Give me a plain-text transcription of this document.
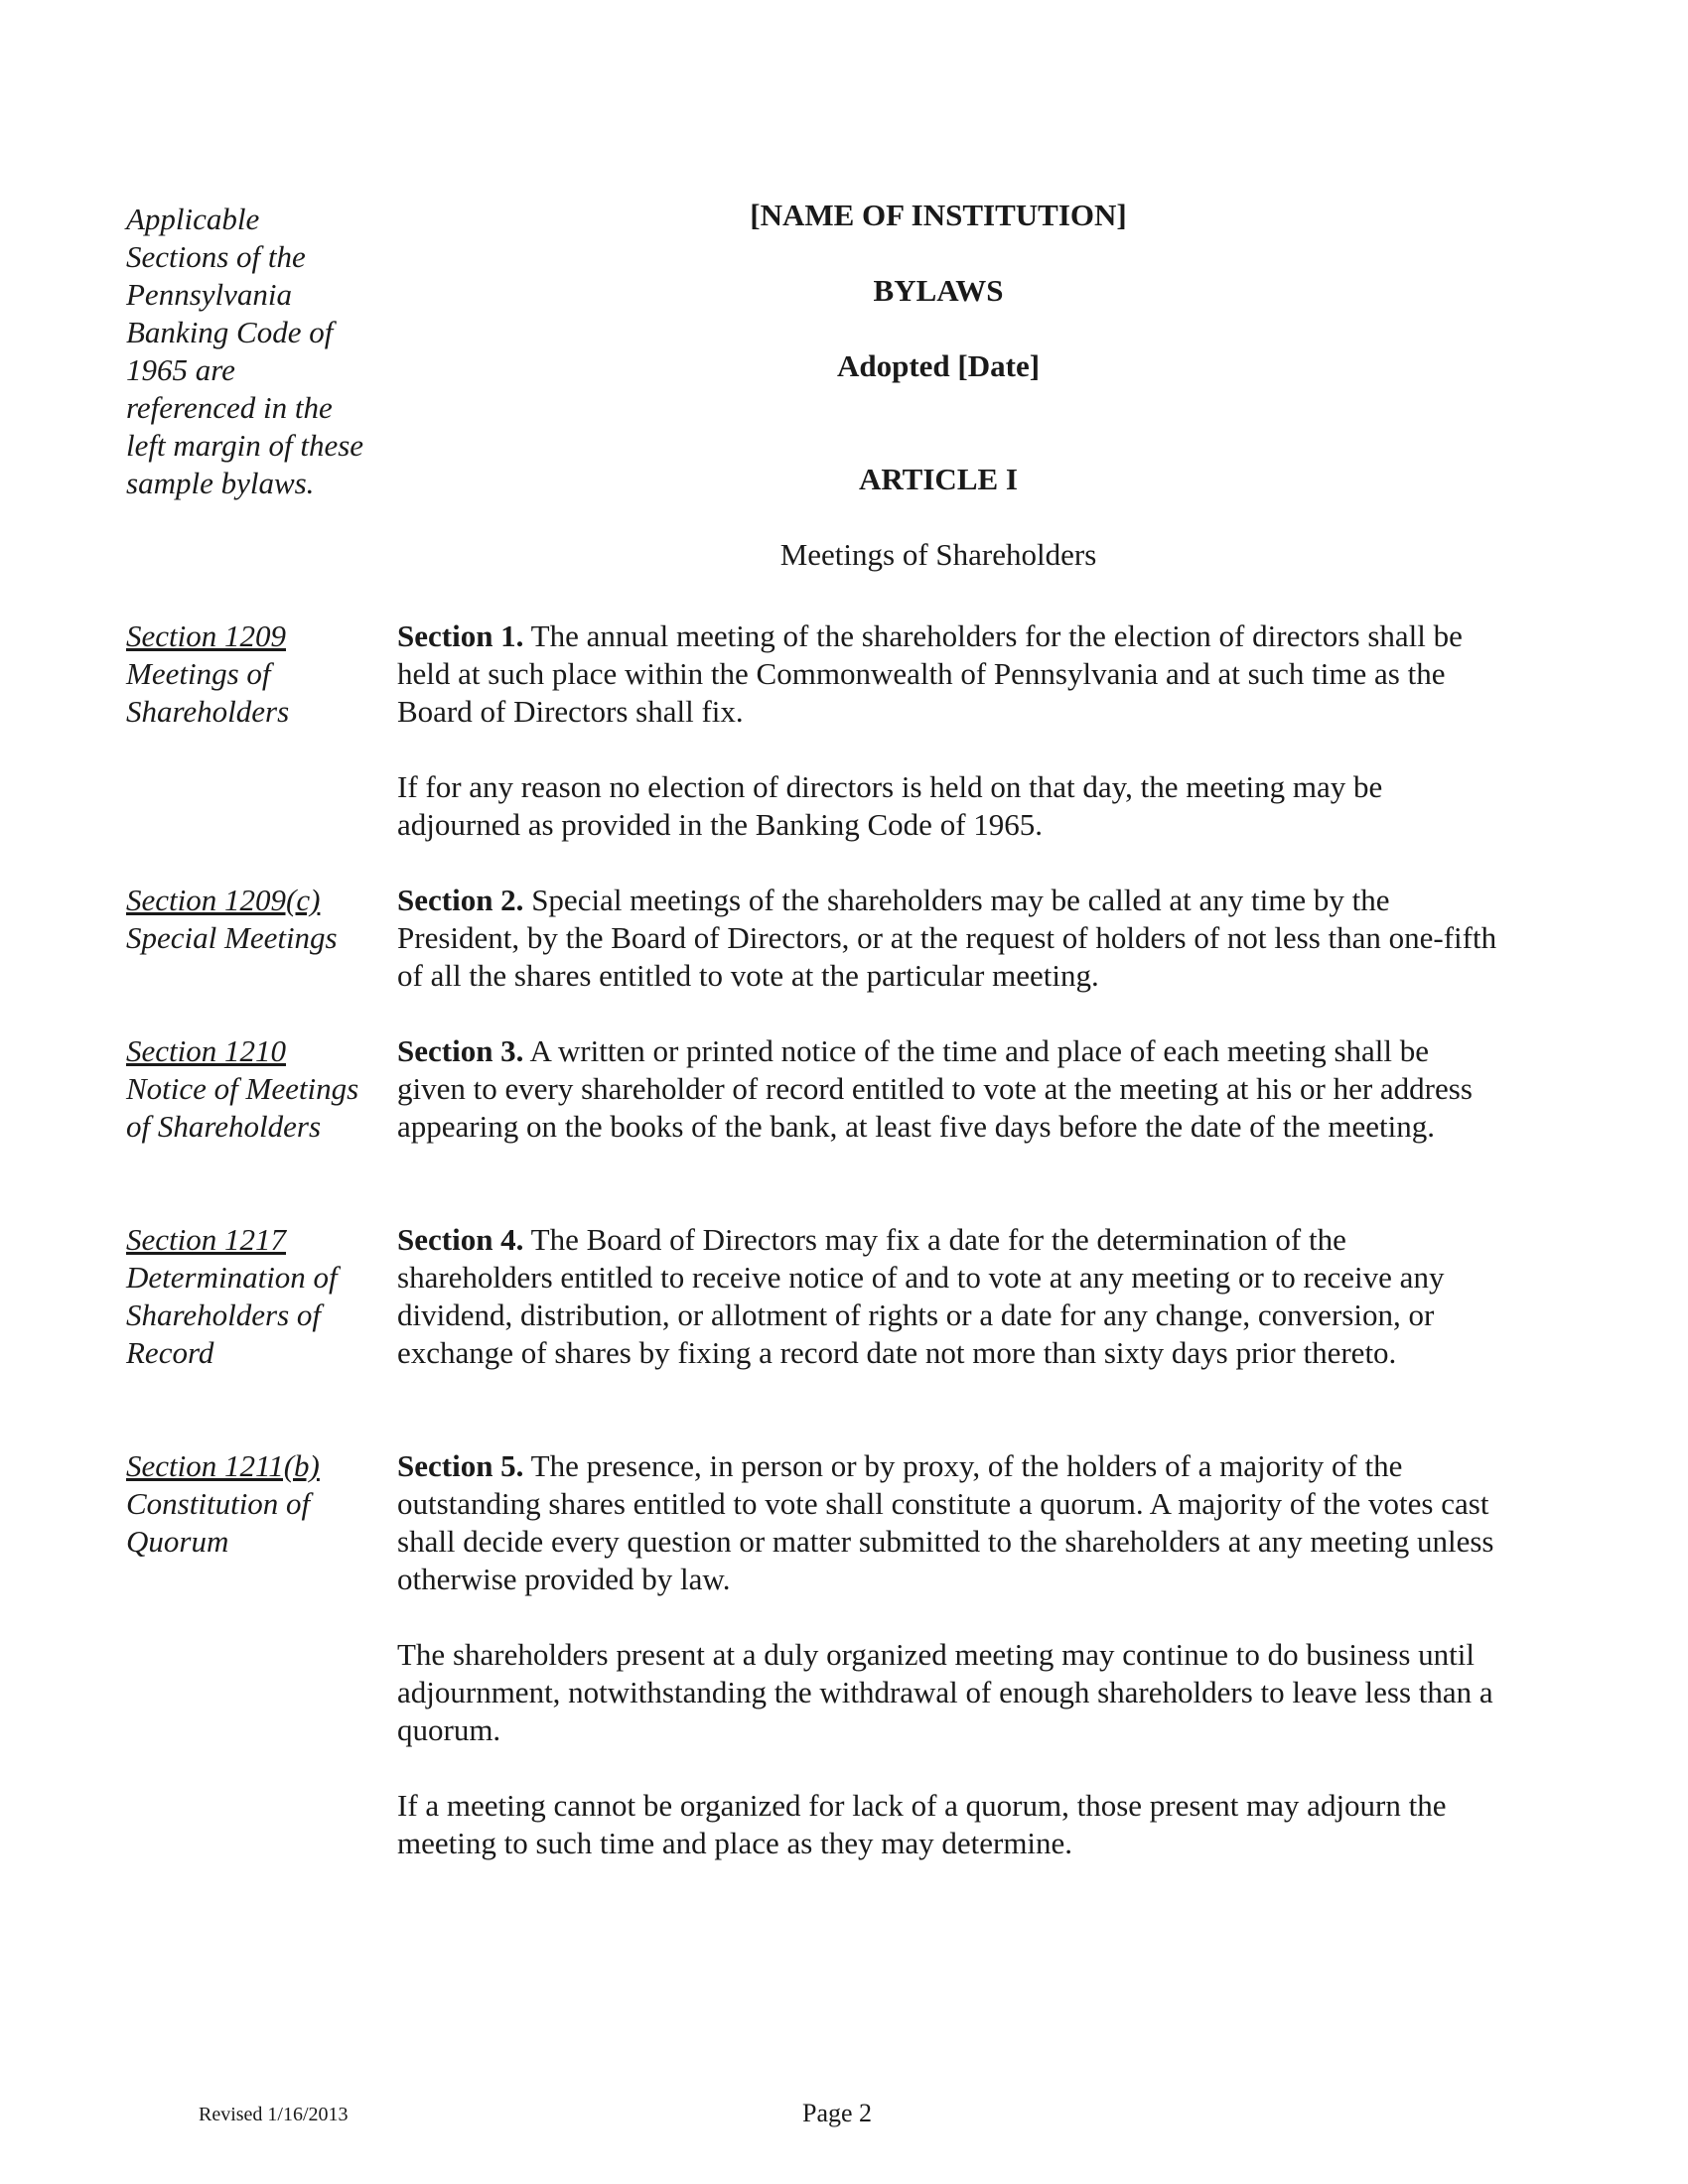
Applicable Sections of the Pennsylvania Banking Code of 1965 are referenced in the left margin of these sample bylaws.
[NAME OF INSTITUTION]
BYLAWS
Adopted [Date]
ARTICLE I
Meetings of Shareholders
Section 1209
Meetings of Shareholders
Section 1. The annual meeting of the shareholders for the election of directors shall be held at such place within the Commonwealth of Pennsylvania and at such time as the Board of Directors shall fix.
If for any reason no election of directors is held on that day, the meeting may be adjourned as provided in the Banking Code of 1965.
Section 1209(c)
Special Meetings
Section 2. Special meetings of the shareholders may be called at any time by the President, by the Board of Directors, or at the request of holders of not less than one-fifth of all the shares entitled to vote at the particular meeting.
Section 1210
Notice of Meetings of Shareholders
Section 3. A written or printed notice of the time and place of each meeting shall be given to every shareholder of record entitled to vote at the meeting at his or her address appearing on the books of the bank, at least five days before the date of the meeting.
Section 1217
Determination of Shareholders of Record
Section 4. The Board of Directors may fix a date for the determination of the shareholders entitled to receive notice of and to vote at any meeting or to receive any dividend, distribution, or allotment of rights or a date for any change, conversion, or exchange of shares by fixing a record date not more than sixty days prior thereto.
Section 1211(b)
Constitution of Quorum
Section 5. The presence, in person or by proxy, of the holders of a majority of the outstanding shares entitled to vote shall constitute a quorum. A majority of the votes cast shall decide every question or matter submitted to the shareholders at any meeting unless otherwise provided by law.
The shareholders present at a duly organized meeting may continue to do business until adjournment, notwithstanding the withdrawal of enough shareholders to leave less than a quorum.
If a meeting cannot be organized for lack of a quorum, those present may adjourn the meeting to such time and place as they may determine.
Revised 1/16/2013	Page 2
